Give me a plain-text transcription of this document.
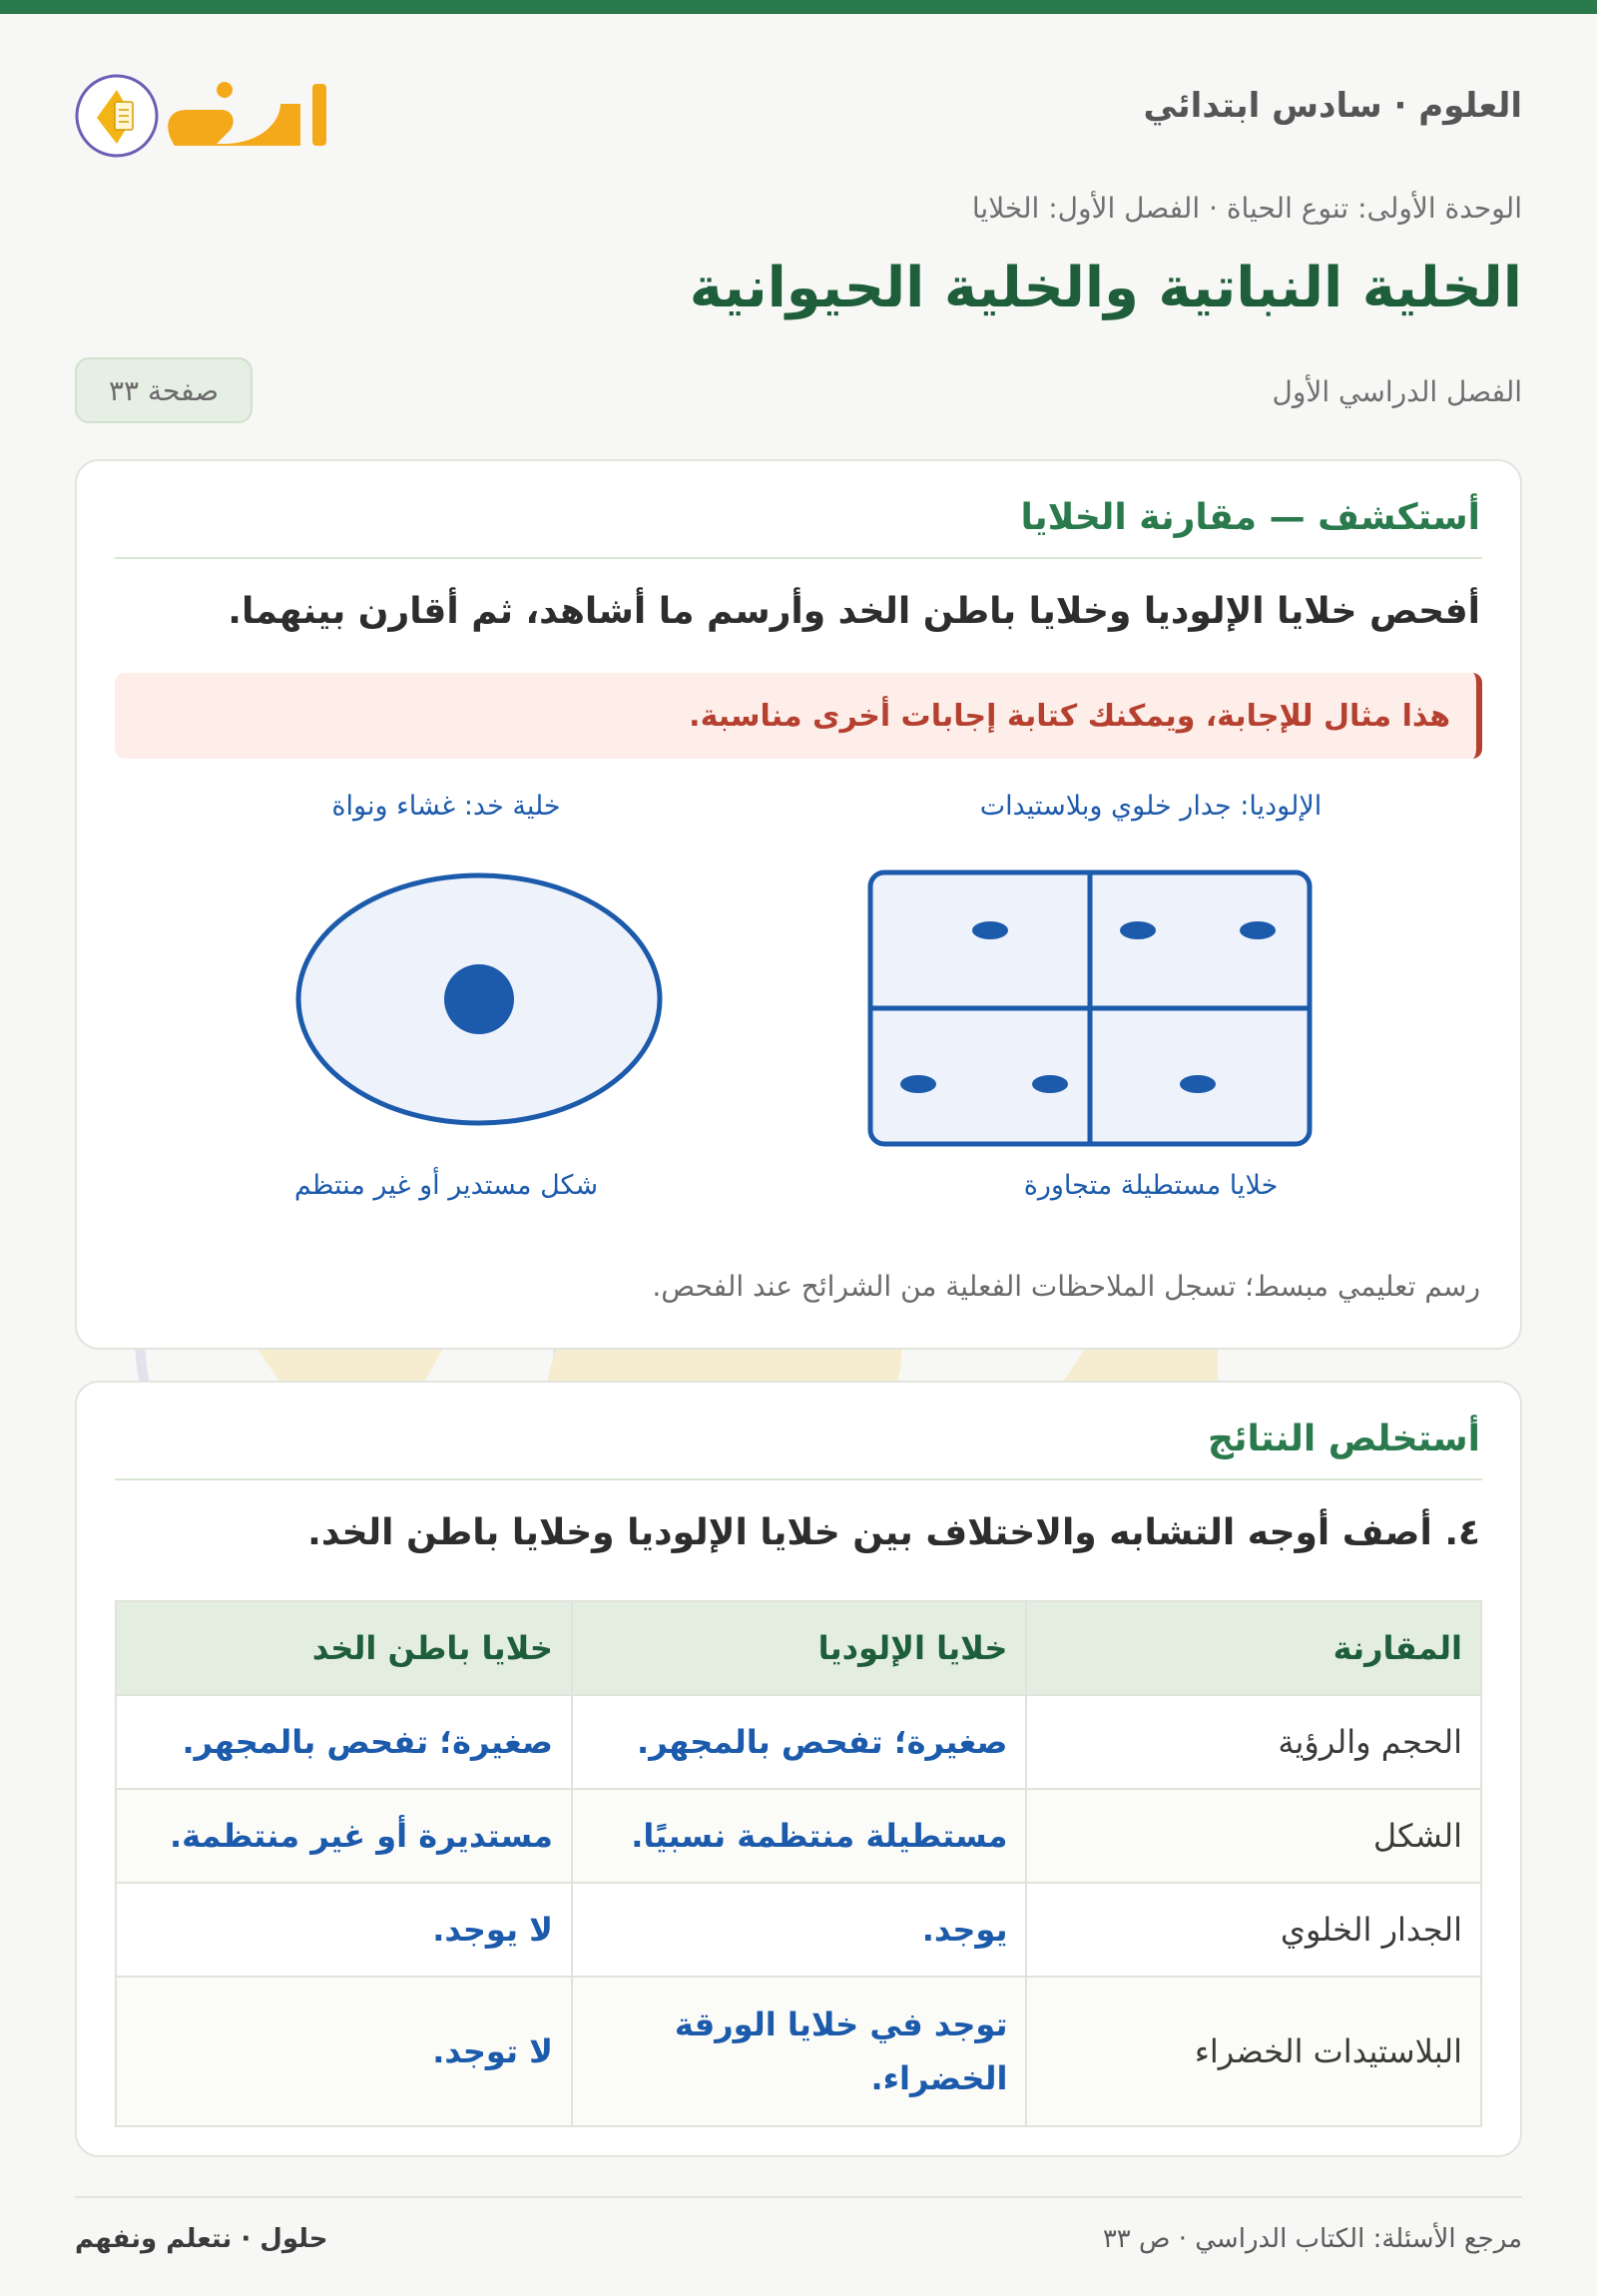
العلوم · سادس ابتدائي
الوحدة الأولى: تنوع الحياة · الفصل الأول: الخلايا
الخلية النباتية والخلية الحيوانية
الفصل الدراسي الأول
صفحة ٣٣
أستكشف — مقارنة الخلايا
أفحص خلايا الإلوديا وخلايا باطن الخد وأرسم ما أشاهد، ثم أقارن بينهما.
هذا مثال للإجابة، ويمكنك كتابة إجابات أخرى مناسبة.
الإلوديا: جدار خلوي وبلاستيدات
خلية خد: غشاء ونواة
خلايا مستطيلة متجاورة
شكل مستدير أو غير منتظم
رسم تعليمي مبسط؛ تسجل الملاحظات الفعلية من الشرائح عند الفحص.
أستخلص النتائج
٤. أصف أوجه التشابه والاختلاف بين خلايا الإلوديا وخلايا باطن الخد.
المقارنة	خلايا الإلوديا	خلايا باطن الخد
الحجم والرؤية	صغيرة؛ تفحص بالمجهر.	صغيرة؛ تفحص بالمجهر.
الشكل	مستطيلة منتظمة نسبيًا.	مستديرة أو غير منتظمة.
الجدار الخلوي	يوجد.	لا يوجد.
البلاستيدات الخضراء	توجد في خلايا الورقة الخضراء.	لا توجد.
مرجع الأسئلة: الكتاب الدراسي · ص ٣٣
حلول · نتعلم ونفهم
